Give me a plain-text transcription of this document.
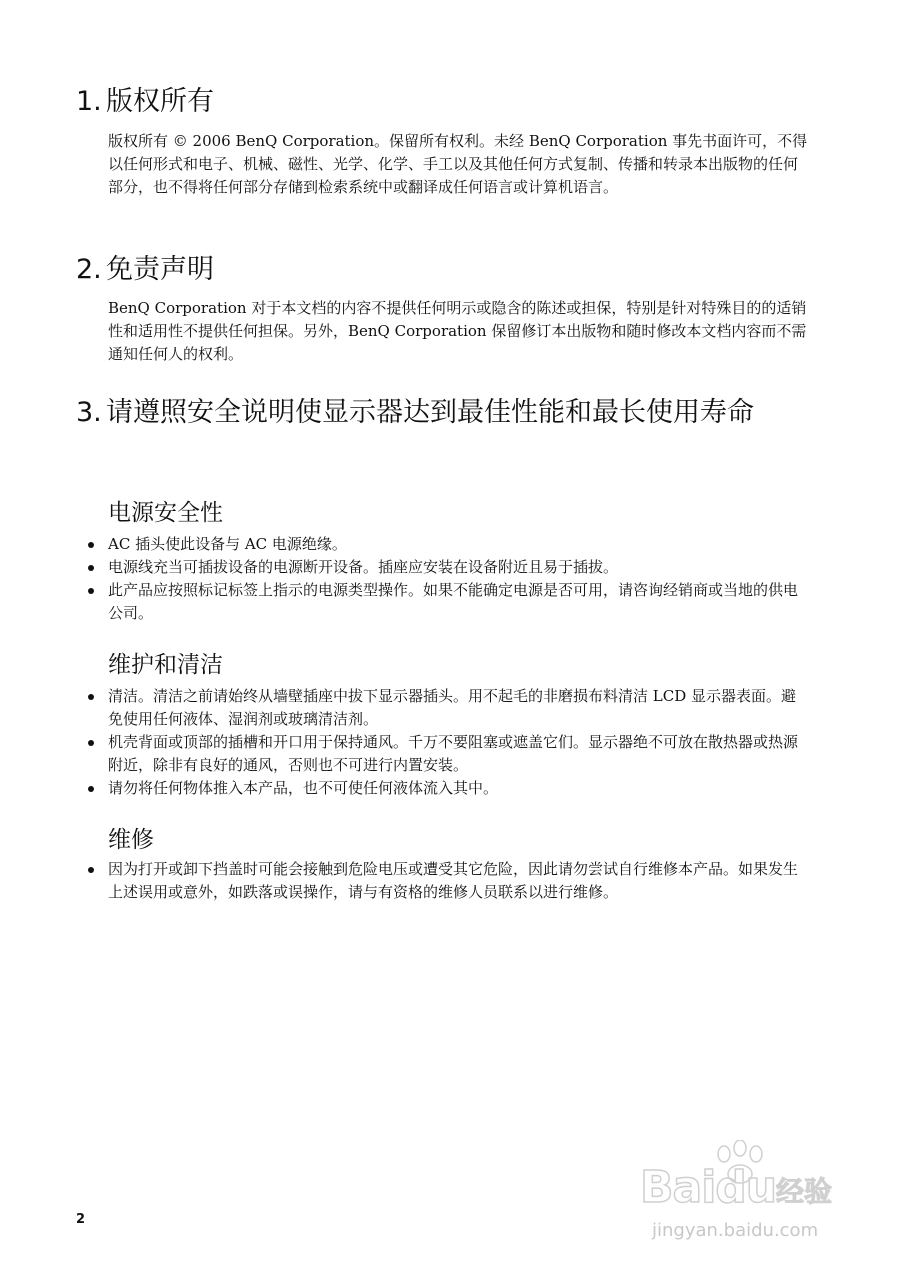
1. 版权所有

版权所有 © 2006 BenQ Corporation。保留所有权利。未经 BenQ Corporation 事先书面许可，不得以任何形式和电子、机械、磁性、光学、化学、手工以及其他任何方式复制、传播和转录本出版物的任何部分，也不得将任何部分存储到检索系统中或翻译成任何语言或计算机语言。

2. 免责声明

BenQ Corporation 对于本文档的内容不提供任何明示或隐含的陈述或担保，特别是针对特殊目的的适销性和适用性不提供任何担保。另外，BenQ Corporation 保留修订本出版物和随时修改本文档内容而不需通知任何人的权利。

3. 请遵照安全说明使显示器达到最佳性能和最长使用寿命
电源安全性
AC 插头使此设备与 AC 电源绝缘。
电源线充当可插拔设备的电源断开设备。插座应安装在设备附近且易于插拔。
此产品应按照标记标签上指示的电源类型操作。如果不能确定电源是否可用，请咨询经销商或当地的供电公司。
维护和清洁
清洁。清洁之前请始终从墙壁插座中拔下显示器插头。用不起毛的非磨损布料清洁 LCD 显示器表面。避免使用任何液体、湿润剂或玻璃清洁剂。
机壳背面或顶部的插槽和开口用于保持通风。千万不要阻塞或遮盖它们。显示器绝不可放在散热器或热源附近，除非有良好的通风，否则也不可进行内置安装。
请勿将任何物体推入本产品，也不可使任何液体流入其中。
维修
因为打开或卸下挡盖时可能会接触到危险电压或遭受其它危险，因此请勿尝试自行维修本产品。如果发生上述误用或意外，如跌落或误操作，请与有资格的维修人员联系以进行维修。
2
Baidu 经验
jingyan.baidu.com
